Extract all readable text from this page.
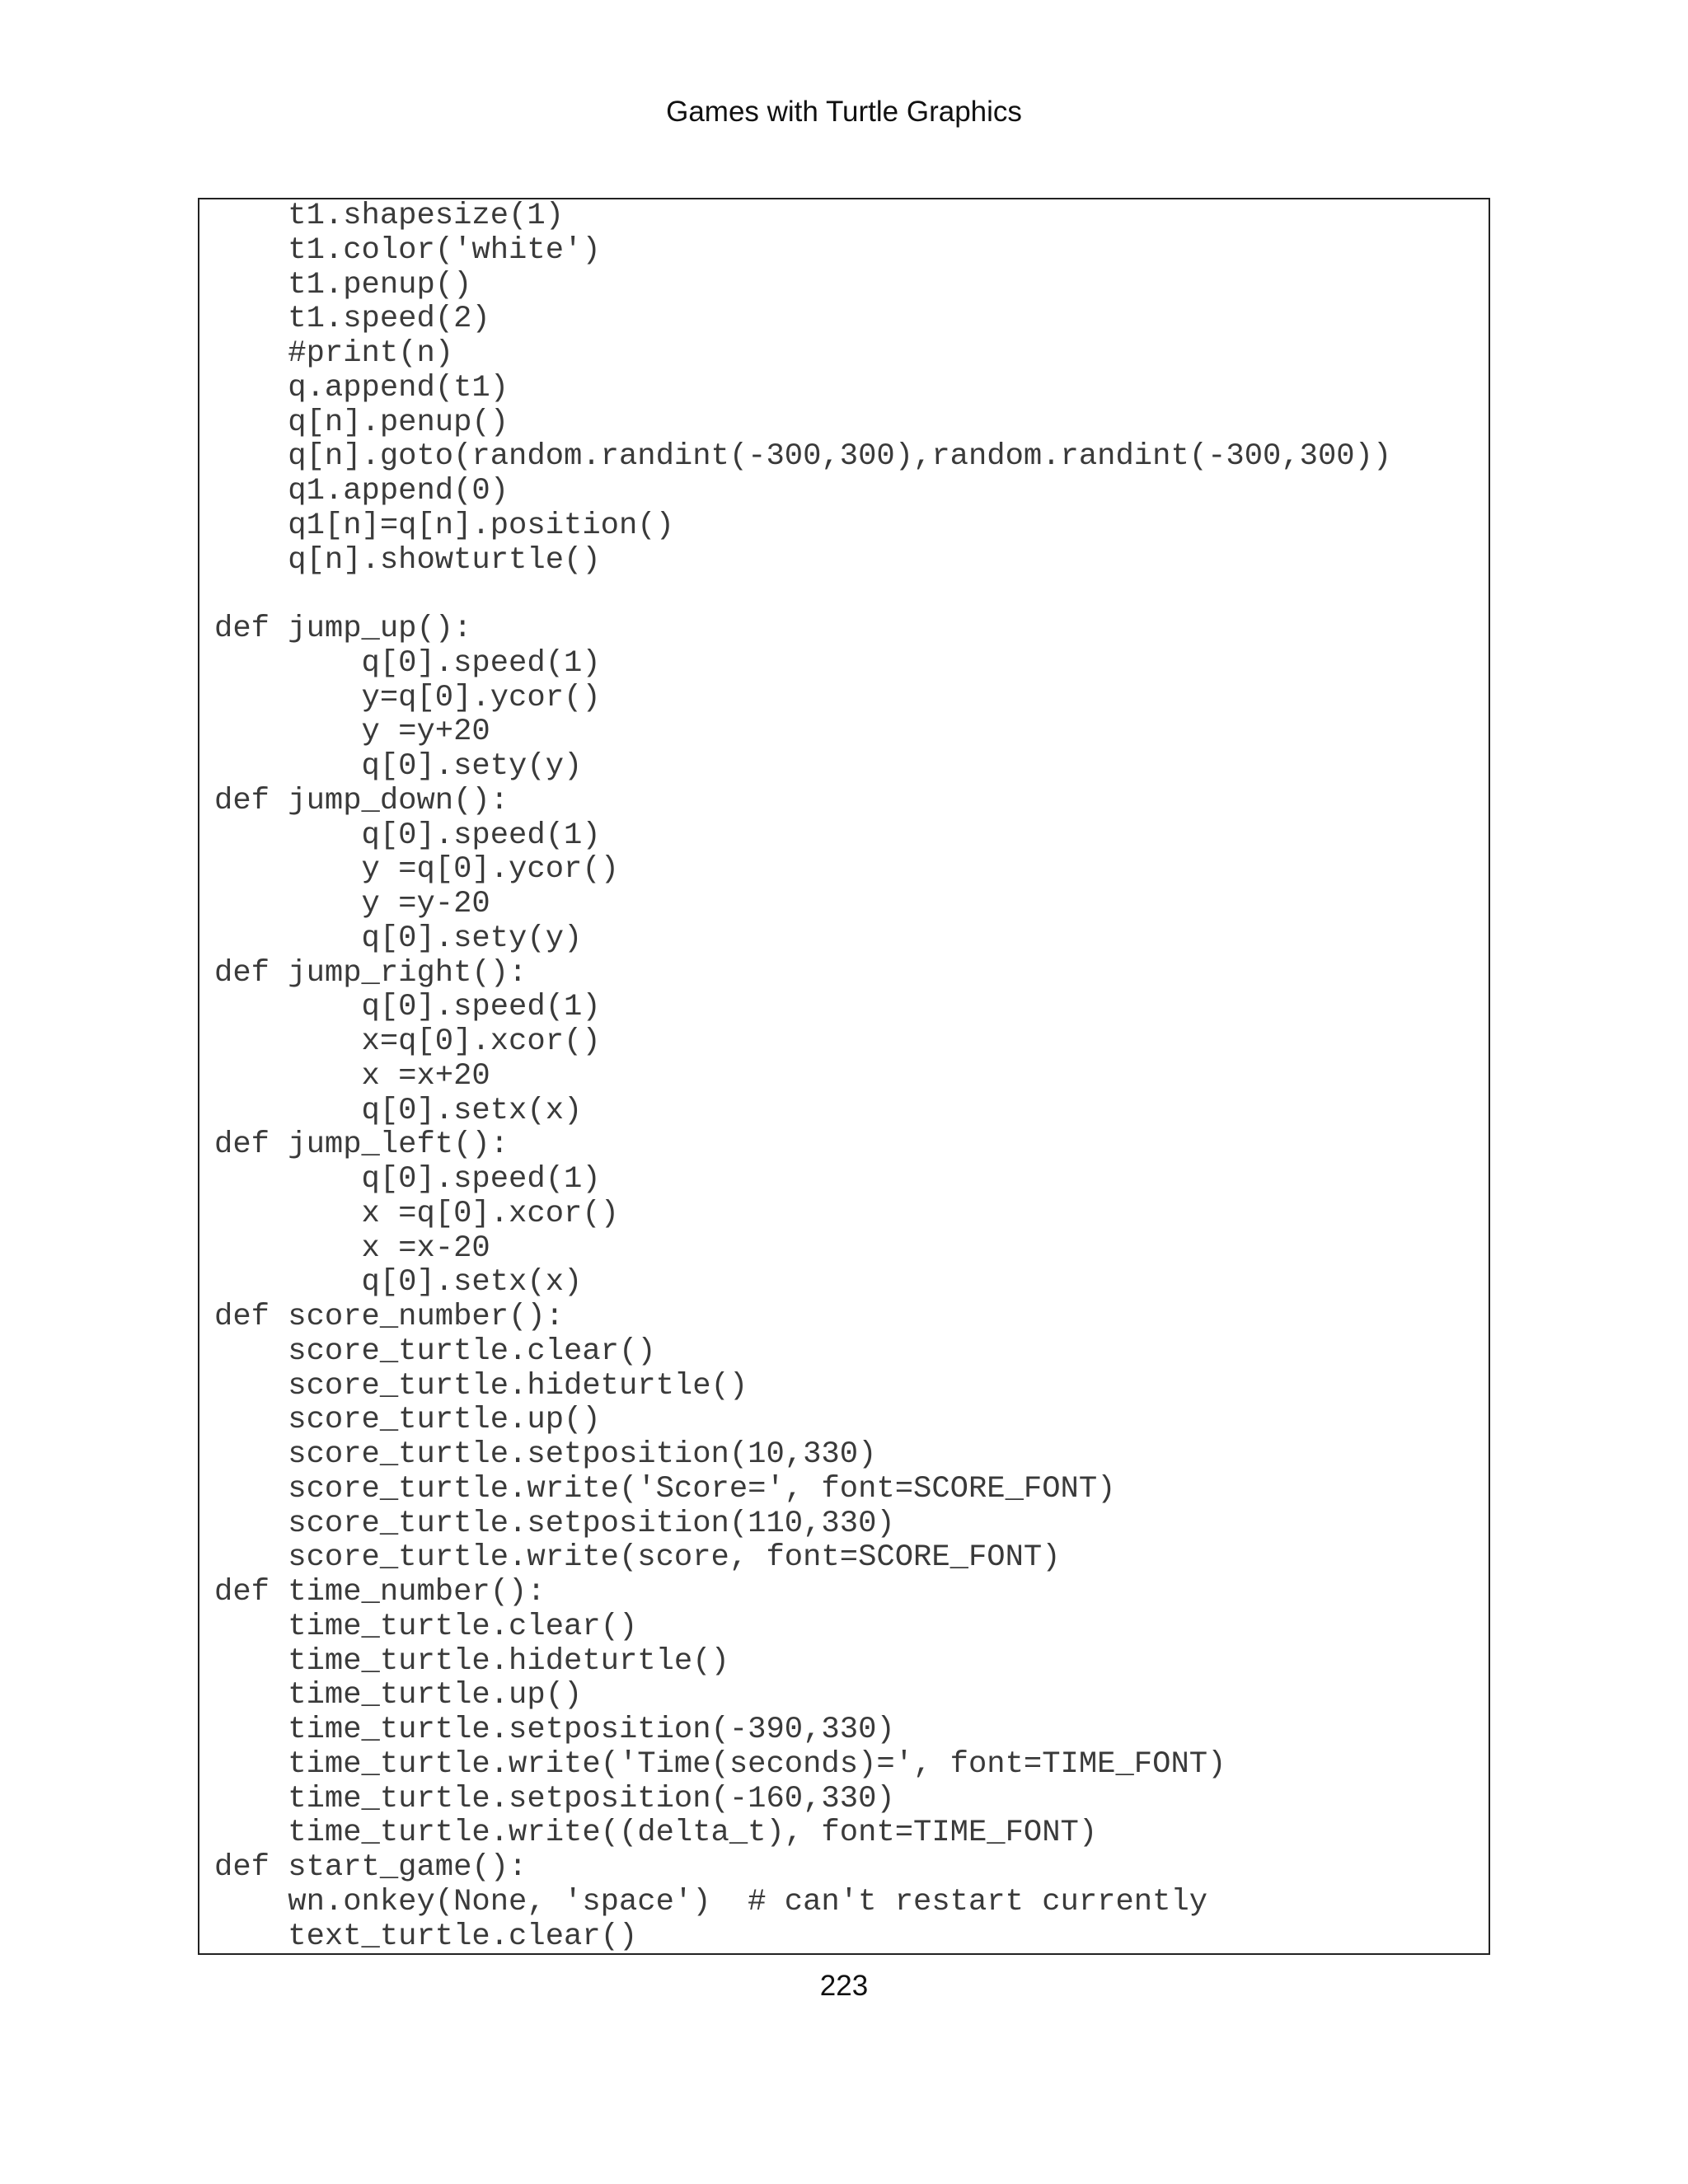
Games with Turtle Graphics
t1.shapesize(1)
t1.color('white')
t1.penup()
t1.speed(2)
#print(n)
q.append(t1)
q[n].penup()
q[n].goto(random.randint(-300,300),random.randint(-300,300))
q1.append(0)
q1[n]=q[n].position()
q[n].showturtle()

def jump_up():
q[0].speed(1)
y=q[0].ycor()
y =y+20
q[0].sety(y)
def jump_down():
q[0].speed(1)
y =q[0].ycor()
y =y-20
q[0].sety(y)
def jump_right():
q[0].speed(1)
x=q[0].xcor()
x =x+20
q[0].setx(x)
def jump_left():
q[0].speed(1)
x =q[0].xcor()
x =x-20
q[0].setx(x)
def score_number():
score_turtle.clear()
score_turtle.hideturtle()
score_turtle.up()
score_turtle.setposition(10,330)
score_turtle.write('Score=', font=SCORE_FONT)
score_turtle.setposition(110,330)
score_turtle.write(score, font=SCORE_FONT)
def time_number():
time_turtle.clear()
time_turtle.hideturtle()
time_turtle.up()
time_turtle.setposition(-390,330)
time_turtle.write('Time(seconds)=', font=TIME_FONT)
time_turtle.setposition(-160,330)
time_turtle.write((delta_t), font=TIME_FONT)
def start_game():
wn.onkey(None, 'space')  # can't restart currently
text_turtle.clear()

223
